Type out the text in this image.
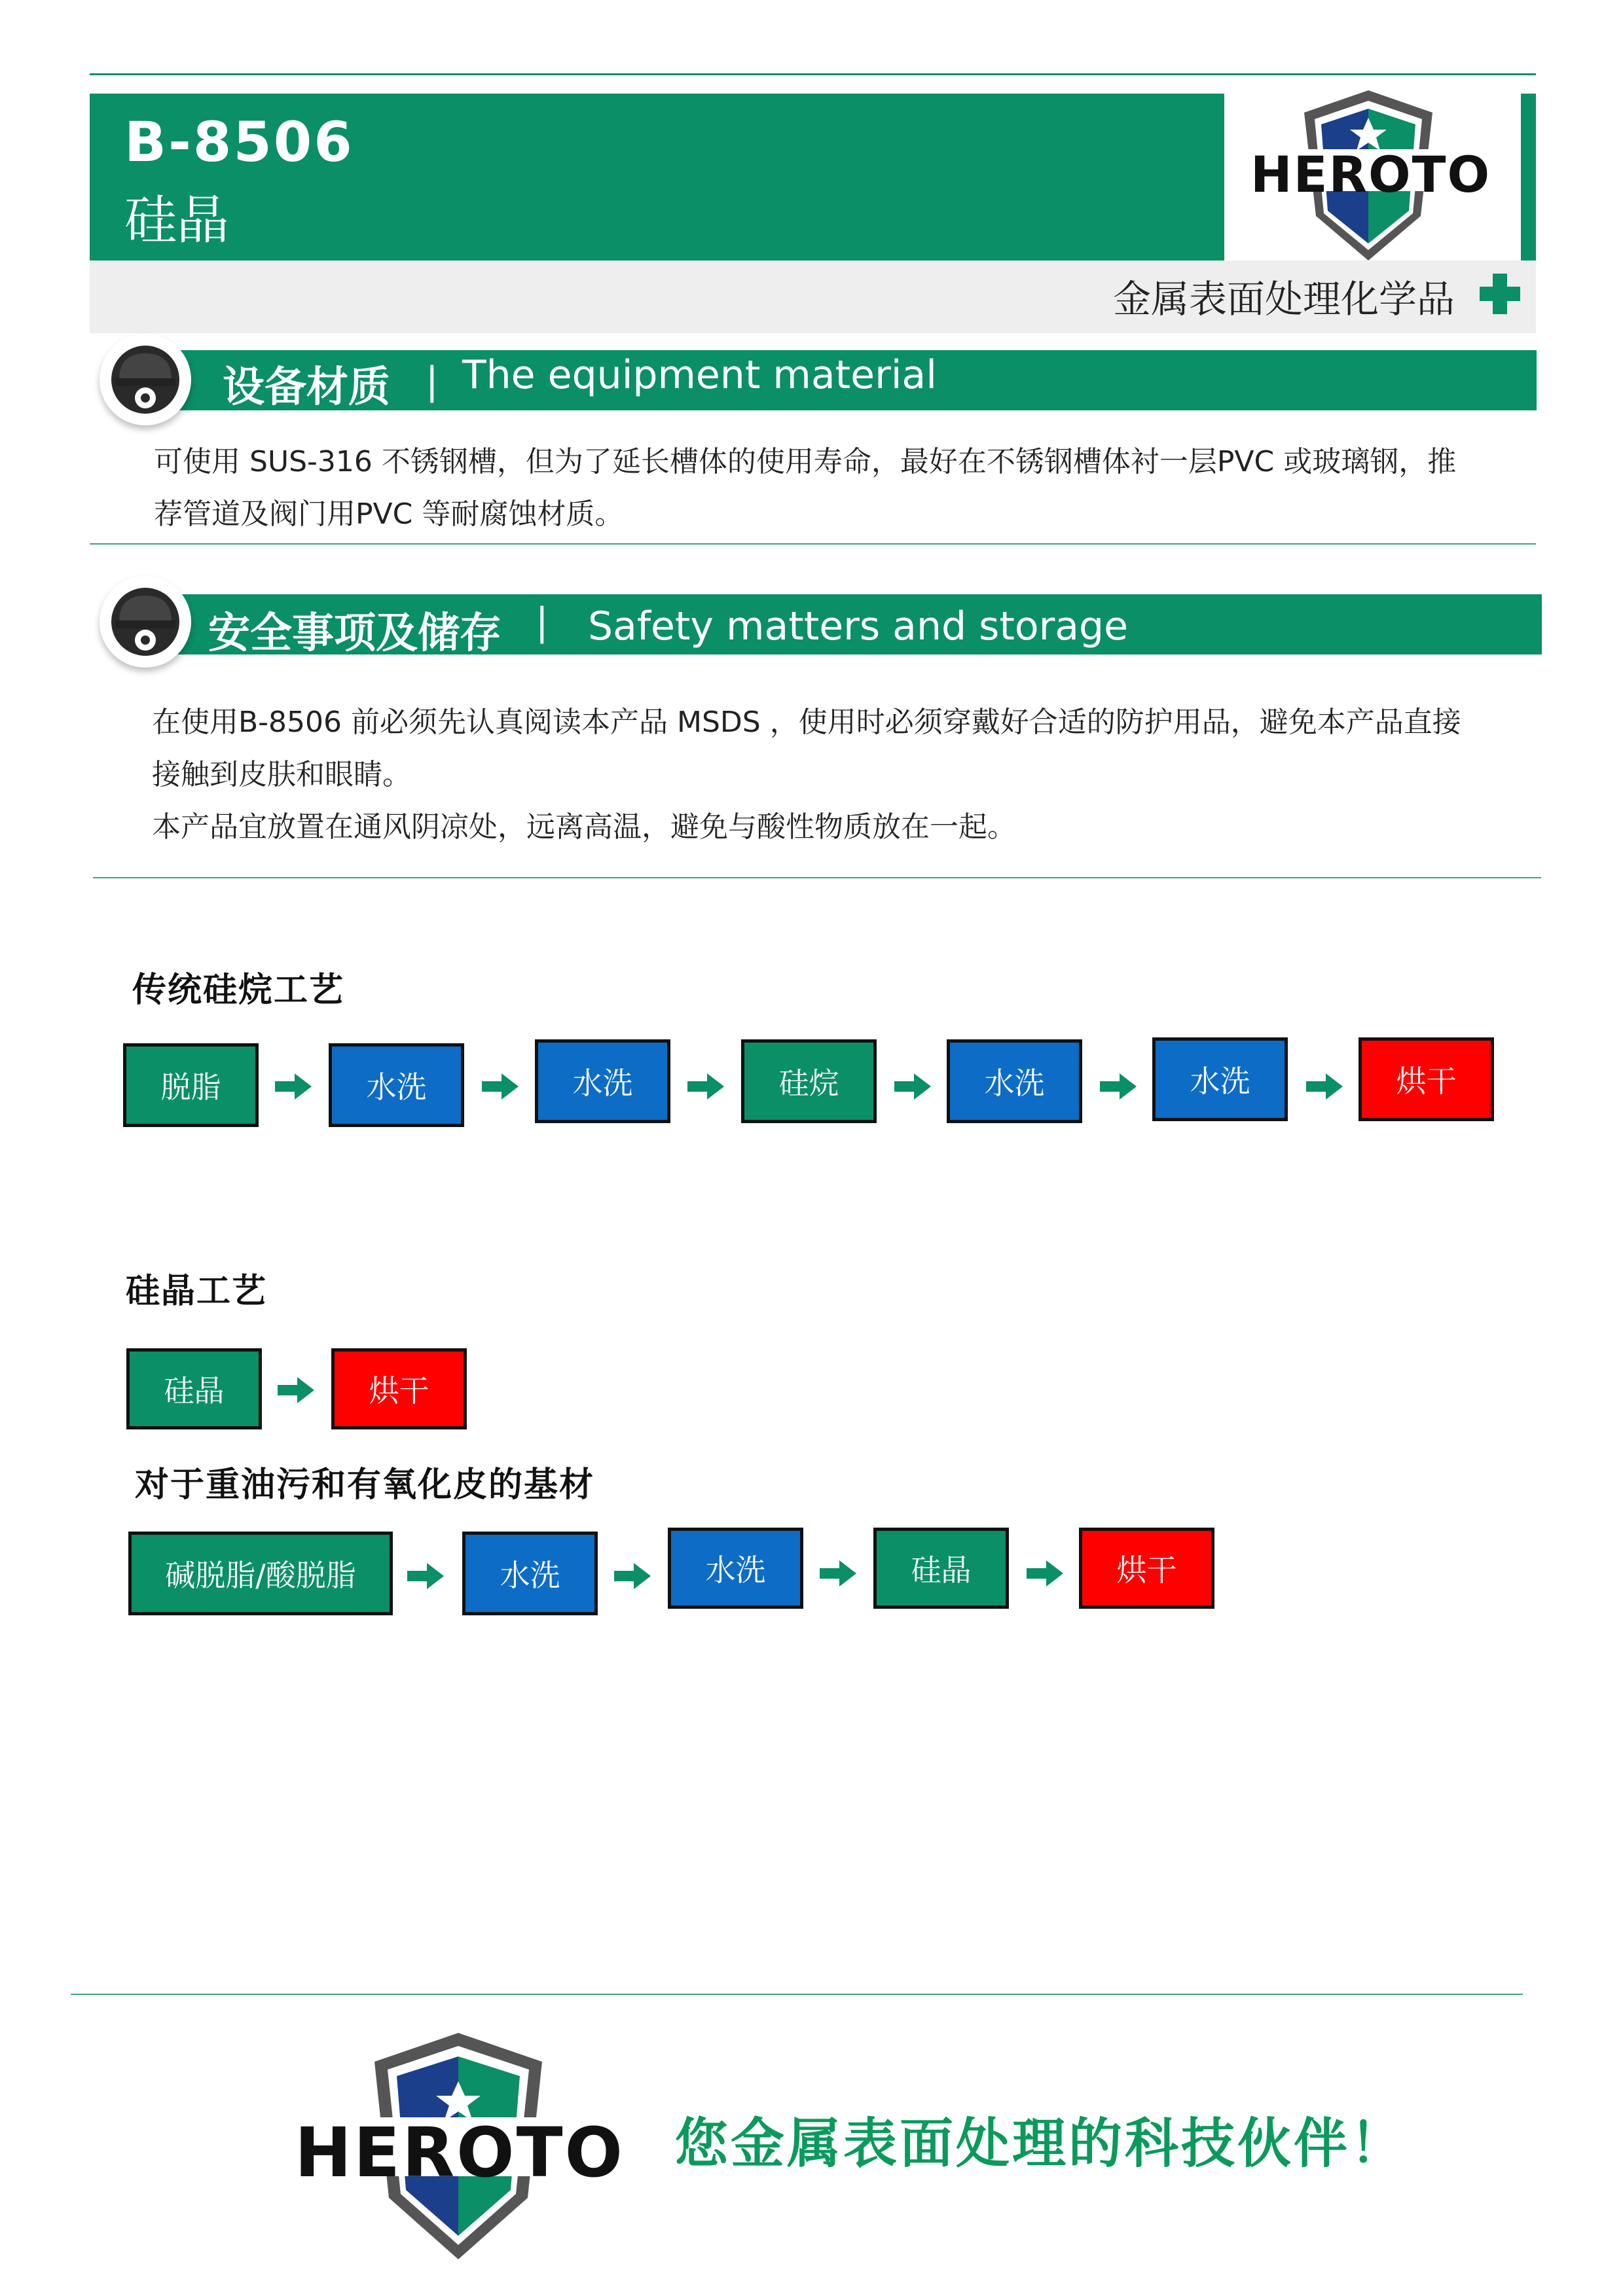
B-8506
硅晶
HEROTO
金属表面处理化学品
设备材质 | The equipment material
可使用 SUS-316 不锈钢槽，但为了延长槽体的使用寿命，最好在不锈钢槽体衬一层PVC 或玻璃钢，推
荐管道及阀门用PVC 等耐腐蚀材质。
安全事项及储存 | Safety matters and storage
在使用B-8506 前必须先认真阅读本产品 MSDS ，使用时必须穿戴好合适的防护用品，避免本产品直接
接触到皮肤和眼睛。
本产品宜放置在通风阴凉处，远离高温，避免与酸性物质放在一起。
传统硅烷工艺
脱脂	水洗	水洗	硅烷	水洗	水洗	烘干
硅晶工艺
硅晶	烘干
对于重油污和有氧化皮的基材
碱脱脂/酸脱脂	水洗	水洗	硅晶	烘干
HEROTO 您金属表面处理的科技伙伴！
